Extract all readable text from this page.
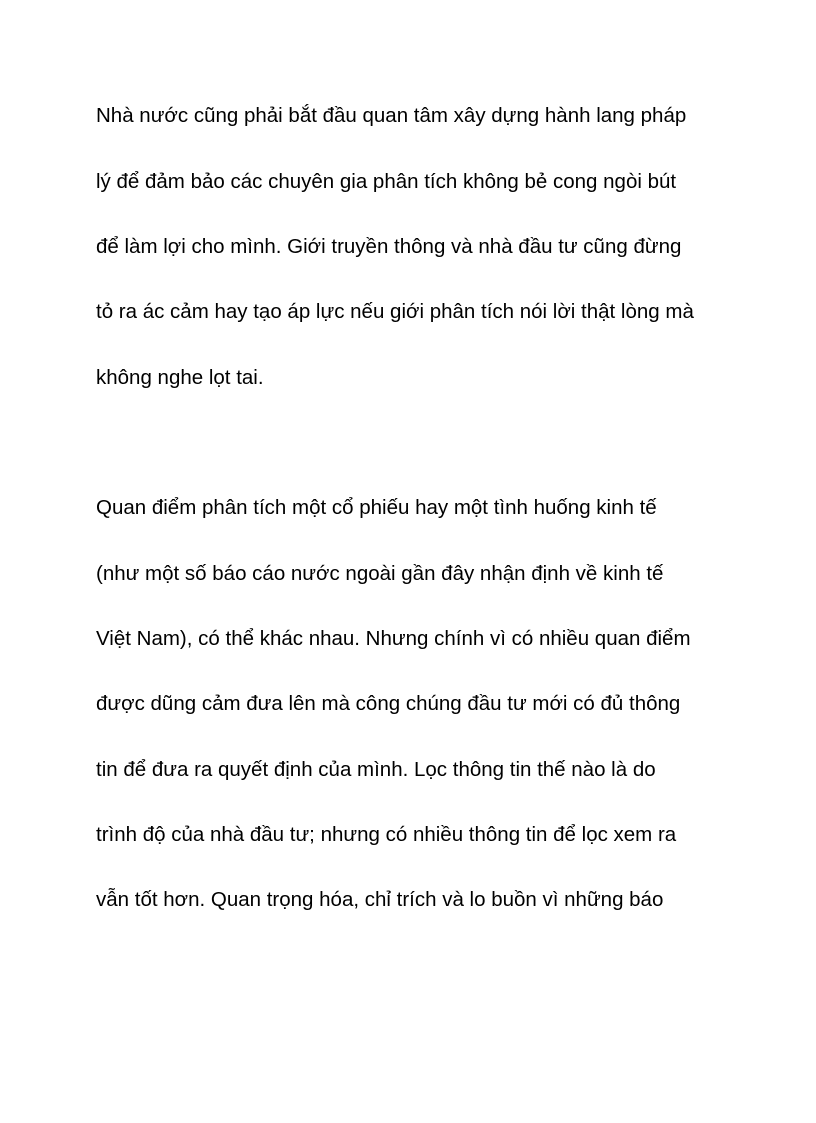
Nhà nước cũng phải bắt đầu quan tâm xây dựng hành lang pháp

lý để đảm bảo các chuyên gia phân tích không bẻ cong ngòi bút

để làm lợi cho mình. Giới truyền thông và nhà đầu tư cũng đừng

tỏ ra ác cảm hay tạo áp lực nếu giới phân tích nói lời thật lòng mà

không nghe lọt tai.

Quan điểm phân tích một cổ phiếu hay một tình huống kinh tế

(như một số báo cáo nước ngoài gần đây nhận định về kinh tế

Việt Nam), có thể khác nhau. Nhưng chính vì có nhiều quan điểm

được dũng cảm đưa lên mà công chúng đầu tư mới có đủ thông

tin để đưa ra quyết định của mình. Lọc thông tin thế nào là do

trình độ của nhà đầu tư; nhưng có nhiều thông tin để lọc xem ra

vẫn tốt hơn. Quan trọng hóa, chỉ trích và lo buồn vì những báo
